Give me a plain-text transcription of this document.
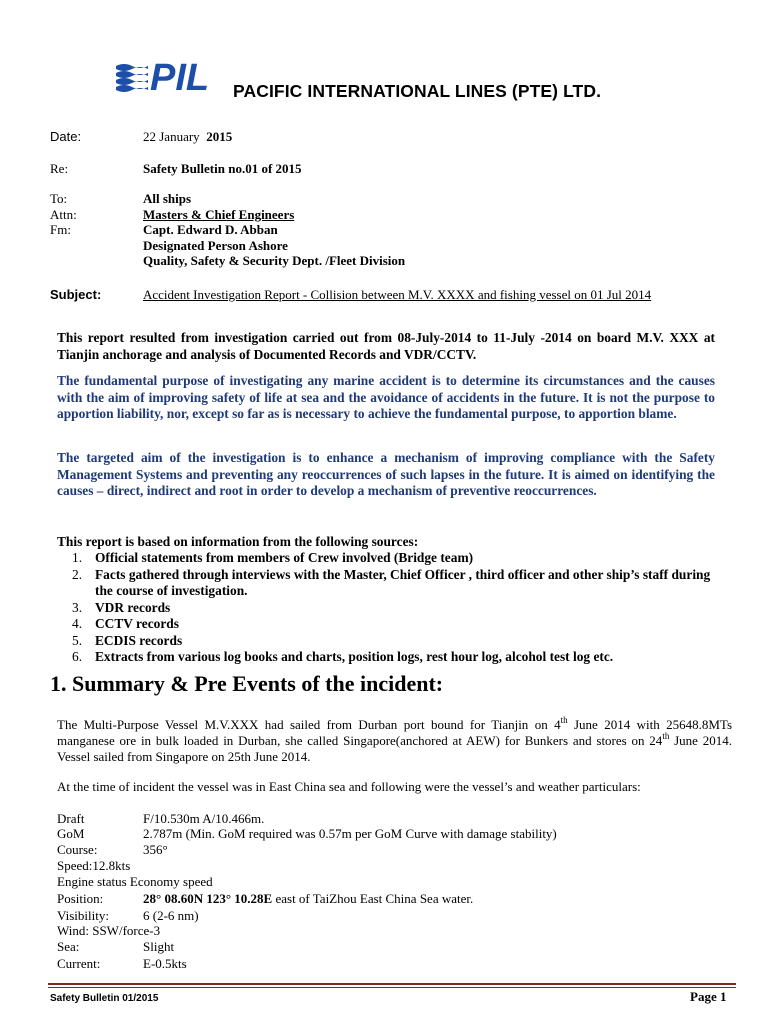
PIL PACIFIC INTERNATIONAL LINES (PTE) LTD.
Date:	22 January 2015
Re:	Safety Bulletin no.01 of 2015
To:	All ships
Attn:	Masters & Chief Engineers
Fm:	Capt. Edward D. Abban
Designated Person Ashore
Quality, Safety & Security Dept. /Fleet Division
Subject:	Accident Investigation Report - Collision between M.V. XXXX and fishing vessel on 01 Jul 2014
This report resulted from investigation carried out from 08-July-2014 to 11-July -2014 on board M.V. XXX at Tianjin anchorage and analysis of Documented Records and VDR/CCTV.
The fundamental purpose of investigating any marine accident is to determine its circumstances and the causes with the aim of improving safety of life at sea and the avoidance of accidents in the future. It is not the purpose to apportion liability, nor, except so far as is necessary to achieve the fundamental purpose, to apportion blame.
The targeted aim of the investigation is to enhance a mechanism of improving compliance with the Safety Management Systems and preventing any reoccurrences of such lapses in the future. It is aimed on identifying the causes – direct, indirect and root in order to develop a mechanism of preventive reoccurrences.
This report is based on information from the following sources:
1. Official statements from members of Crew involved (Bridge team)
2. Facts gathered through interviews with the Master, Chief Officer , third officer and other ship’s staff during the course of investigation.
3. VDR records
4. CCTV records
5. ECDIS records
6. Extracts from various log books and charts, position logs, rest hour log, alcohol test log etc.
1. Summary & Pre Events of the incident:
The Multi-Purpose Vessel M.V.XXX had sailed from Durban port bound for Tianjin on 4th June 2014 with 25648.8MTs manganese ore in bulk loaded in Durban, she called Singapore(anchored at AEW) for Bunkers and stores on 24th June 2014. Vessel sailed from Singapore on 25th June 2014.
At the time of incident the vessel was in East China sea and following were the vessel’s and weather particulars:
Draft	F/10.530m A/10.466m.
GoM	2.787m (Min. GoM required was 0.57m per GoM Curve with damage stability)
Course:	356°
Speed:12.8kts
Engine status Economy speed
Position:	28° 08.60N 123° 10.28E east of TaiZhou East China Sea water.
Visibility:	6 (2-6 nm)
Wind: SSW/force-3
Sea:	Slight
Current:	E-0.5kts
Safety Bulletin 01/2015	Page 1
